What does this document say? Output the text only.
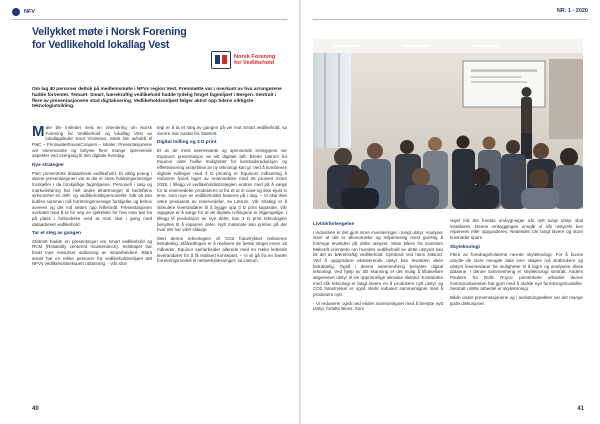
NFV
Vellykket møte i Norsk Forening for Vedlikehold lokallag Vest
Norsk Forening for Vedlikehold
Om lag 40 personer deltok på medlemsmøte i NFVs region Vest. Fremmøtte var i overkant av hva arrangørene hadde forventet. Temaet: Smart, bærekraftig vedlikehold hadde tydelig fenget fagmiljøet i Bergen. Sentralt i flere av presentasjonene stod digitalisering. Vedlikeholdsmiljøet følger aktivt opp tidens viktigste teknologiutvikling.

Møte ble innledet med en orientering om Norsk Forening for Vedlikehold og lokallag Vest av lokallagsleder Knut Vindenes. Møte ble avholdt til PwC – PricewaterhouseCoopers – lokaler. Presentasjonene var interessante og belyste flere mange spennende aspekter ved overgang til den digitale hverdag.

Nye strategier

PwC presenterte dataadrevet vedlikehold. Et viktig poeng i denne presentasjonen var at det er store holdningsmessige forskjeller i de forskjellige fagmiljøene. Personell i salg og markedsføring har helt andre tilnærminger til bedriftens virksomhet en drift- og vedlikeholdspersonellet. Når alt kan kobles sammen må forretningsmessige forskjeller og behov avveies og det må settes opp fellesmål. Presentasjonen avsluttet med å ta for seg en sjekkliste for hva man bør ha på plass i forbindelse med at man skal i gang med dataadrevet vedlikehold.

Tar et steg av gangen

Statnett hadde en presentasjon om smart vedlikehold og RCM (Reliability centered maintenance). Selskapet har brukt mye ressurser utdanning av medarbeidere. Blant annet har en rekke personer fra vedlikeholdsmiljøet tatt NFVs vedlikeholdsekspert utdanning. - Vår stra-

tegi er å ta et steg av gangen på vei mot Smart vedlikehold, sa Sverre Ivar Aasbø fra Statnett.

Digital tvilling og 3 D print

Et av de mest interessante og spennende innleggene var Equinors presentasjon av sitt digitale løft. Brede Lærum fra Equinor viste hvilke muligheter for kostnadsreduksjon og effektivisering utstyrblise av ny teknologi kan gi. Ved å kombinere digitale tvillinger med 3 D printing er Equinors målsetting å redusere fysisk lager av reservedeler med 25 prosent innen 2028. I tillegg vil vedlikeholdsstrategien endres med på å sørge for at reservedeler produseres ut fra et ut in case-og ikke ejust in time, som mye av vedlikeholdet baseres på i dag. – Vi skal ikke være produsent av reservedeler, sa Lærum. Vår strategi er å stimulere leverandører til å bygge opp 3 D print kapasitet. Vår oppgave er å sørge for at de digitale tvillingene er tilgjengelige. I tillegg til produksjon av nye deler, kan 3 D print teknologien benyttes til å reparere deler. Nytt materiale kan printes på der hvor det har vært slitasje.

Med denne teknologien vil CO2 fotavtrykket reduseres betraktelig. Målsettingen er å realisere de første steget innen 18 måneder. Equinor samarbeider allerede med en rekke ledende leverandører for å få realisert konseptet. – Vi vil gå fra en lineær forretningsmodell til nettverkslæsninger, sa Lærum.

40
NR. 1 - 2020
41
Livtidsforlengelse

I industrien er det gjort store investeringer i tungt utstyr. Analyser viser at det er økonomiske og miljømessig mest gunstig å forlenge levetiden på dette utstyret. Stian Bless fra Kanstem Mekonft orienterte om hvordes vedlikehold av dette utstyret kan bli del av bærekraftig vedlikehold. Gjenbruk ved hans stiktord. Ved å oppgradere eksisterende utstyr kan levetiden økes betraktelig. Også i denne sammenheng benyttes digital teknologi. Ved hjelp av 3D skanning er det mulig å tilbakeføre degenerert utstyr til sin opprinnelige tekniske tilstand. Kostanden med slik teknologi er langt lavere en å produsere nytt utstyr og CO2 fotavtrykket er også sterkt redusert sammenlignet med å produsere nytt.

- Vi reduserer også ned etiden sammenlignet med å benytte nytt utstyr, fortalte Bless. Som

regel må det foretas ombygninger når nytt tungt utstyr skal installeres. Denne ombyggingen unngår vi når utstyrets kun repareres eller oppgraderes. Nedetiden blir langt lavere og store kostnader spare.

Skyteknologi

Flere av foredragsholderne nevnte skyteknologi. For å kunne utnytte de store mengde data som skapes må slutbrukere og utstyrs leverandører ha muligheter til å lagre og analysere disse dataene. I denne sammenheng er skyteknologi sentralt. Anders Paulsen fra Rolls Royce presenterte arbeidet denne motorprodusenten har gjort med å utvikle nye forretningsmodeller. Sentralt i dette arbeidet er skyteknologi.

Både under presentasjonene og i avslutningsøkten var det mange gode diskusjoner.
